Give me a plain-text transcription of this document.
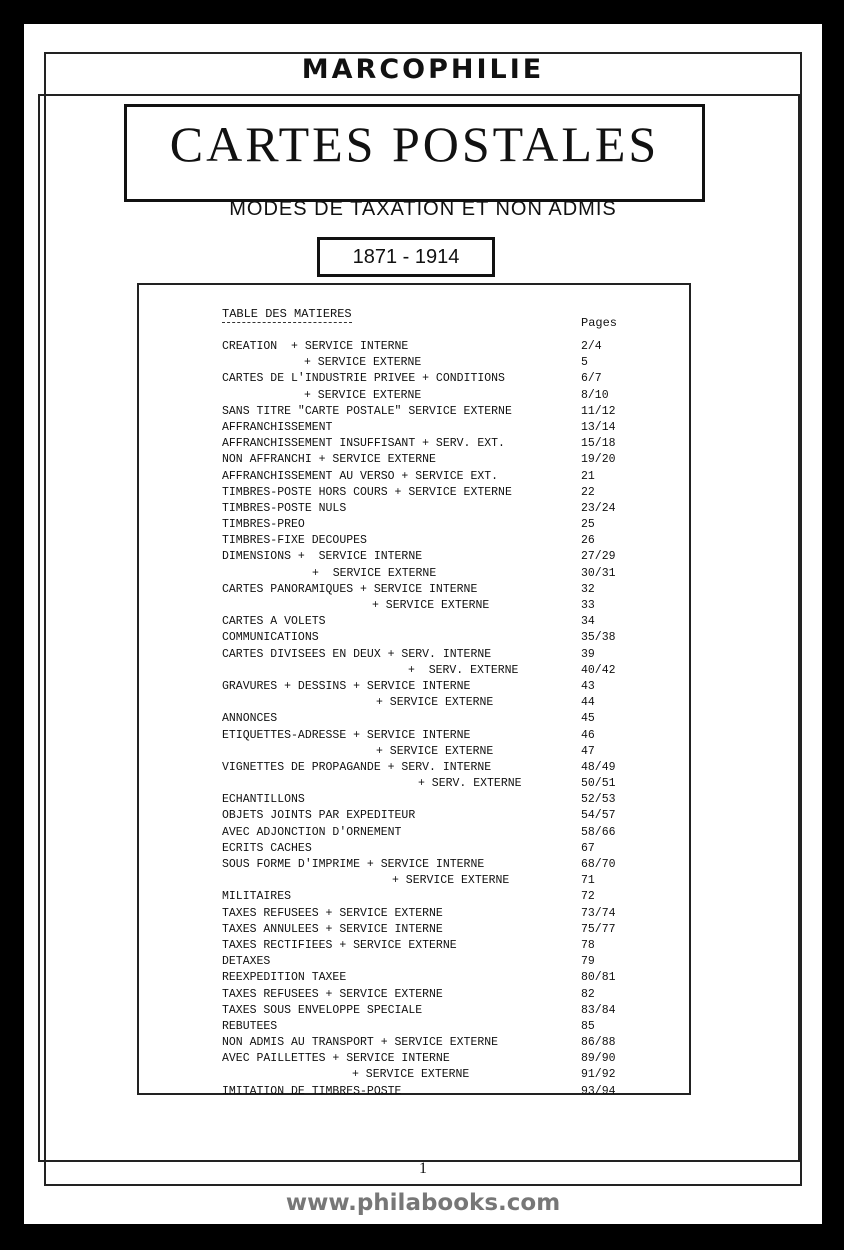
MARCOPHILIE
CARTES POSTALES
MODES DE TAXATION ET NON ADMIS
1871 - 1914
TABLE DES MATIERES
Pages
CREATION  + SERVICE INTERNE	2/4
+ SERVICE EXTERNE	5
CARTES DE L'INDUSTRIE PRIVEE + CONDITIONS	6/7
+ SERVICE EXTERNE	8/10
SANS TITRE "CARTE POSTALE" SERVICE EXTERNE	11/12
AFFRANCHISSEMENT	13/14
AFFRANCHISSEMENT INSUFFISANT + SERV. EXT.	15/18
NON AFFRANCHI + SERVICE EXTERNE	19/20
AFFRANCHISSEMENT AU VERSO + SERVICE EXT.	21
TIMBRES-POSTE HORS COURS + SERVICE EXTERNE	22
TIMBRES-POSTE NULS	23/24
TIMBRES-PREO	25
TIMBRES-FIXE DECOUPES	26
DIMENSIONS +  SERVICE INTERNE	27/29
+  SERVICE EXTERNE	30/31
CARTES PANORAMIQUES + SERVICE INTERNE	32
+ SERVICE EXTERNE	33
CARTES A VOLETS	34
COMMUNICATIONS	35/38
CARTES DIVISEES EN DEUX + SERV. INTERNE	39
+  SERV. EXTERNE	40/42
GRAVURES + DESSINS + SERVICE INTERNE	43
+ SERVICE EXTERNE	44
ANNONCES	45
ETIQUETTES-ADRESSE + SERVICE INTERNE	46
+ SERVICE EXTERNE	47
VIGNETTES DE PROPAGANDE + SERV. INTERNE	48/49
+ SERV. EXTERNE	50/51
ECHANTILLONS	52/53
OBJETS JOINTS PAR EXPEDITEUR	54/57
AVEC ADJONCTION D'ORNEMENT	58/66
ECRITS CACHES	67
SOUS FORME D'IMPRIME + SERVICE INTERNE	68/70
+ SERVICE EXTERNE	71
MILITAIRES	72
TAXES REFUSEES + SERVICE EXTERNE	73/74
TAXES ANNULEES + SERVICE INTERNE	75/77
TAXES RECTIFIEES + SERVICE EXTERNE	78
DETAXES	79
REEXPEDITION TAXEE	80/81
TAXES REFUSEES + SERVICE EXTERNE	82
TAXES SOUS ENVELOPPE SPECIALE	83/84
REBUTEES	85
NON ADMIS AU TRANSPORT + SERVICE EXTERNE	86/88
AVEC PAILLETTES + SERVICE INTERNE	89/90
+ SERVICE EXTERNE	91/92
IMITATION DE TIMBRES-POSTE	93/94
1
www.philabooks.com
